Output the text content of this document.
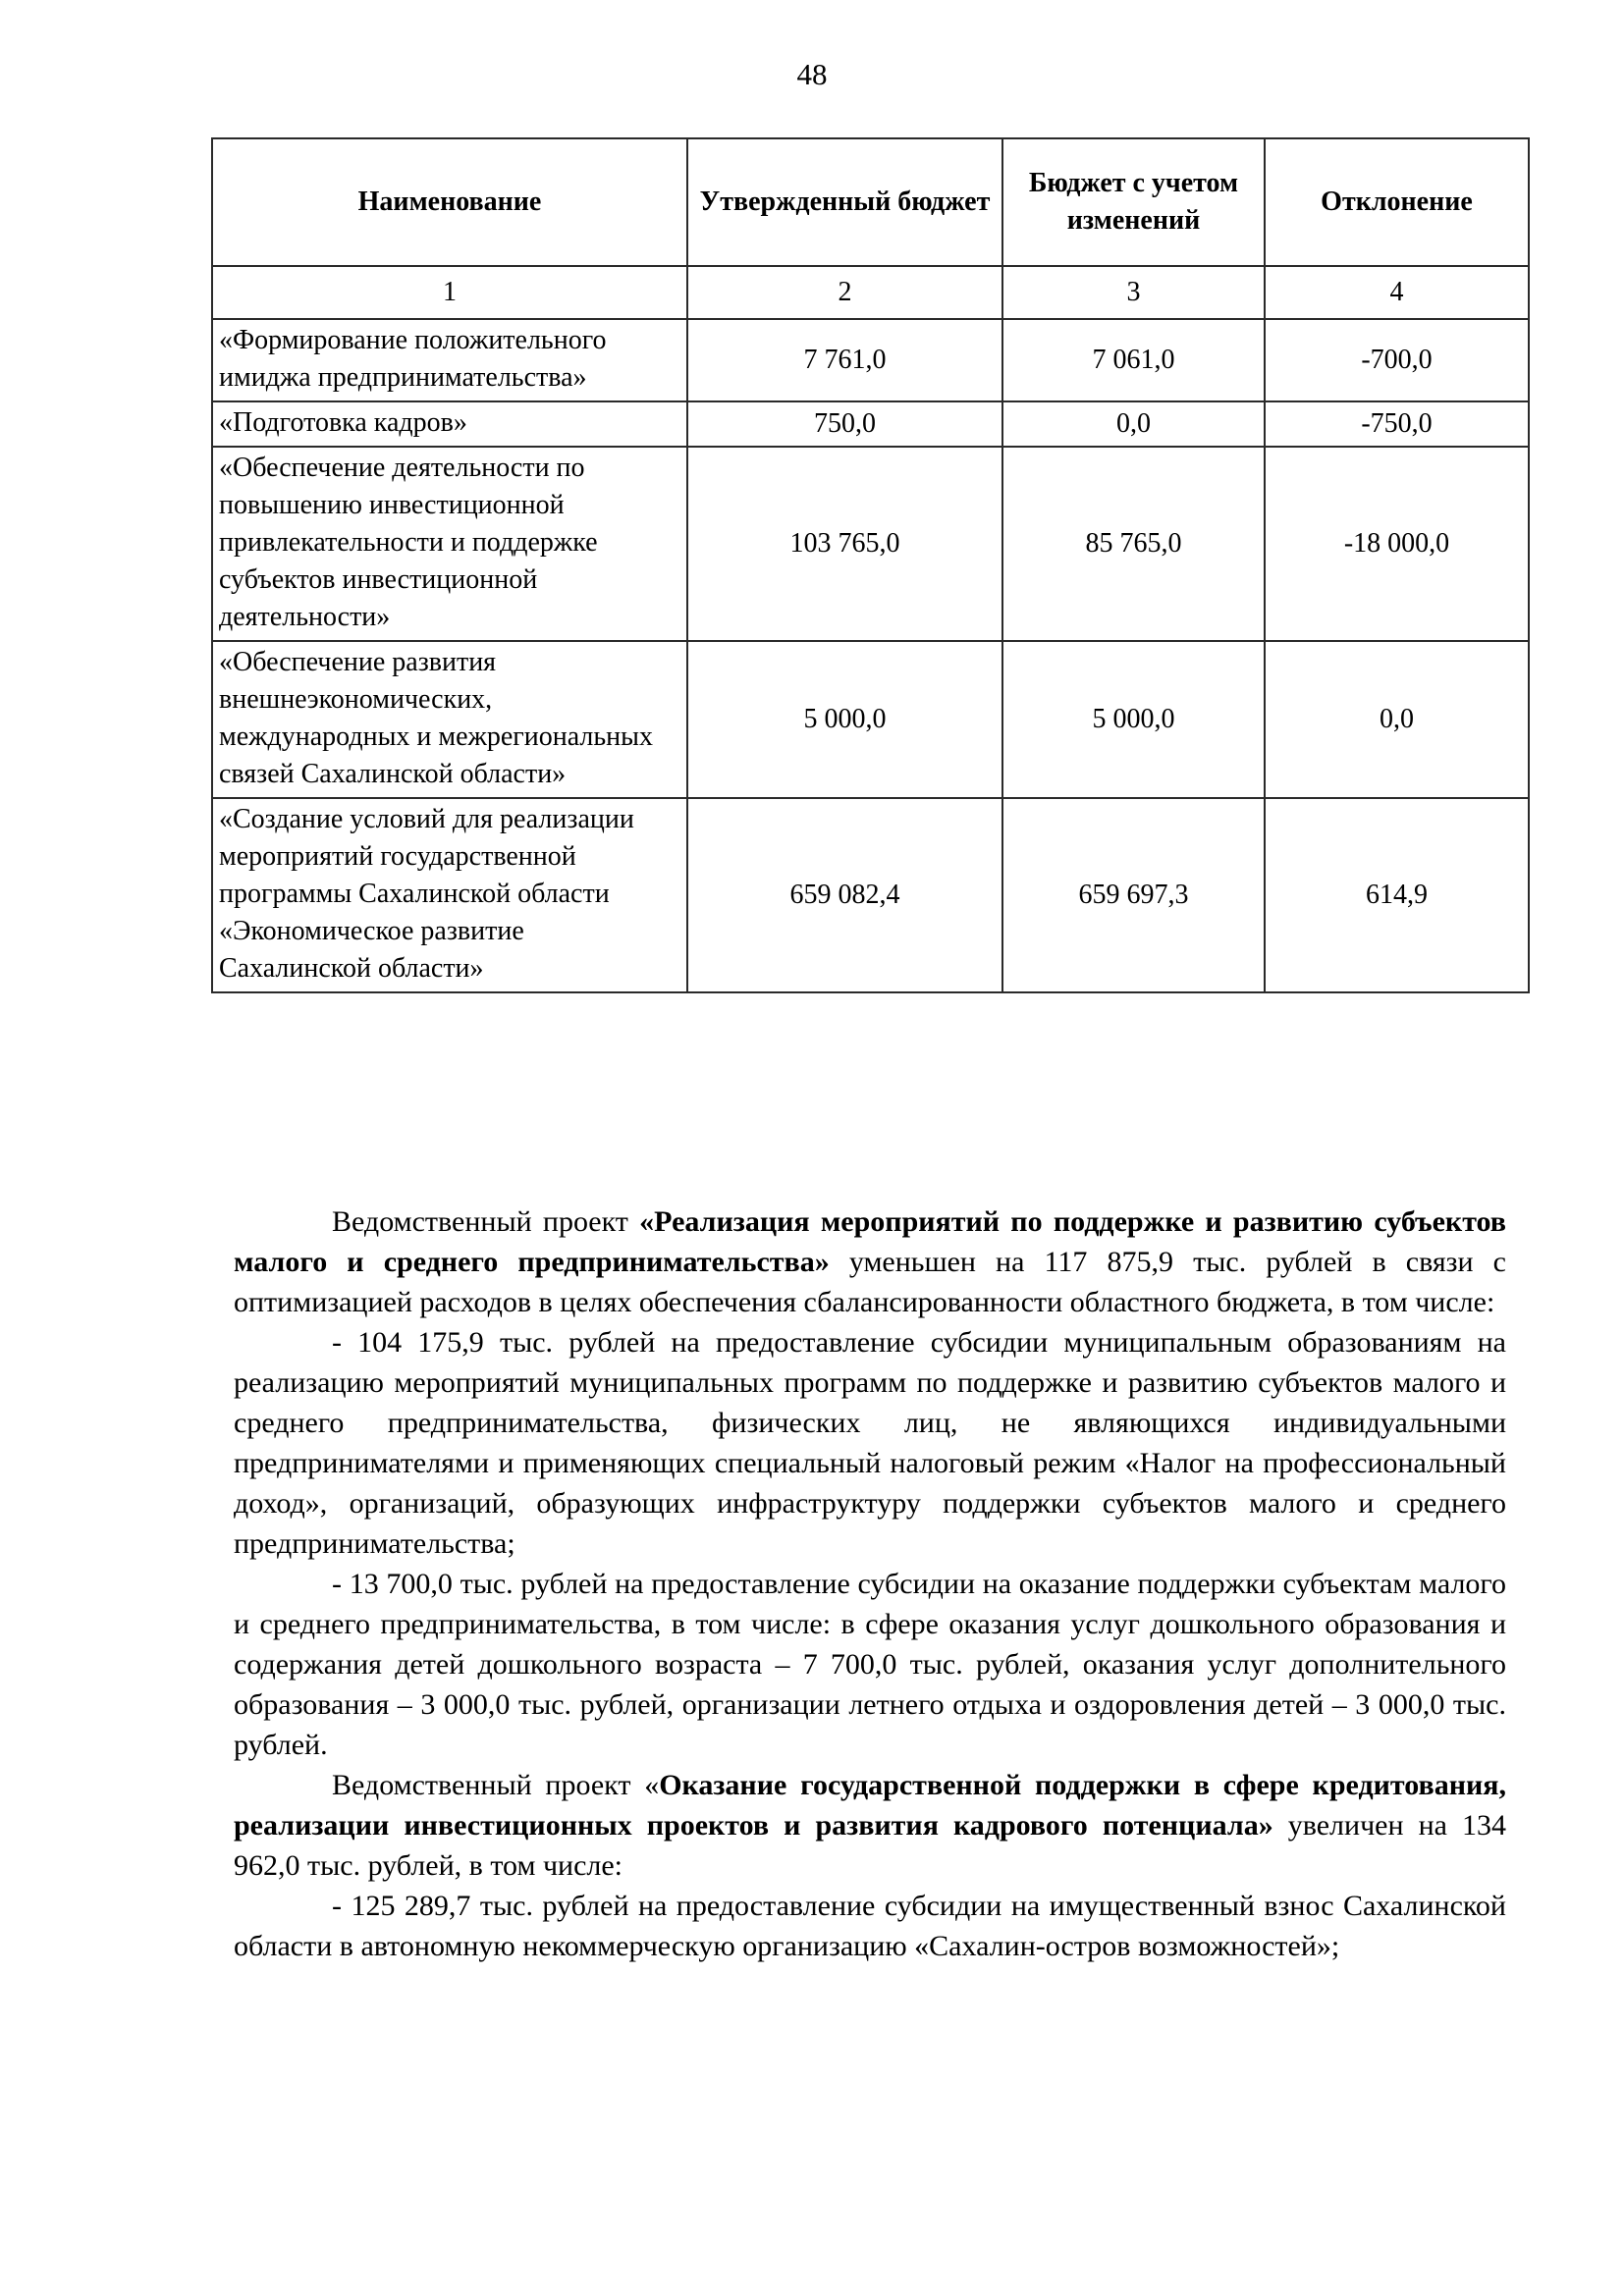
48
Наименование	Утвержденный бюджет	Бюджет с учетом изменений	Отклонение
1	2	3	4
«Формирование положительного имиджа предпринимательства»	7 761,0	7 061,0	-700,0
«Подготовка кадров»	750,0	0,0	-750,0
«Обеспечение деятельности по повышению инвестиционной привлекательности и поддержке субъектов инвестиционной деятельности»	103 765,0	85 765,0	-18 000,0
«Обеспечение развития внешнеэкономических, международных и межрегиональных связей Сахалинской области»	5 000,0	5 000,0	0,0
«Создание условий для реализации мероприятий государственной программы Сахалинской области «Экономическое развитие Сахалинской области»	659 082,4	659 697,3	614,9

Ведомственный проект «Реализация мероприятий по поддержке и развитию субъектов малого и среднего предпринимательства» уменьшен на 117 875,9 тыс. рублей в связи с оптимизацией расходов в целях обеспечения сбалансированности областного бюджета, в том числе:

- 104 175,9 тыс. рублей на предоставление субсидии муниципальным образованиям на реализацию мероприятий муниципальных программ по поддержке и развитию субъектов малого и среднего предпринимательства, физических лиц, не являющихся индивидуальными предпринимателями и применяющих специальный налоговый режим «Налог на профессиональный доход», организаций, образующих инфраструктуру поддержки субъектов малого и среднего предпринимательства;

- 13 700,0 тыс. рублей на предоставление субсидии на оказание поддержки субъектам малого и среднего предпринимательства, в том числе: в сфере оказания услуг дошкольного образования и содержания детей дошкольного возраста – 7 700,0 тыс. рублей, оказания услуг дополнительного образования – 3 000,0 тыс. рублей, организации летнего отдыха и оздоровления детей – 3 000,0 тыс. рублей.

Ведомственный проект «Оказание государственной поддержки в сфере кредитования, реализации инвестиционных проектов и развития кадрового потенциала» увеличен на 134 962,0 тыс. рублей, в том числе:

- 125 289,7 тыс. рублей на предоставление субсидии на имущественный взнос Сахалинской области в автономную некоммерческую организацию «Сахалин-остров возможностей»;
